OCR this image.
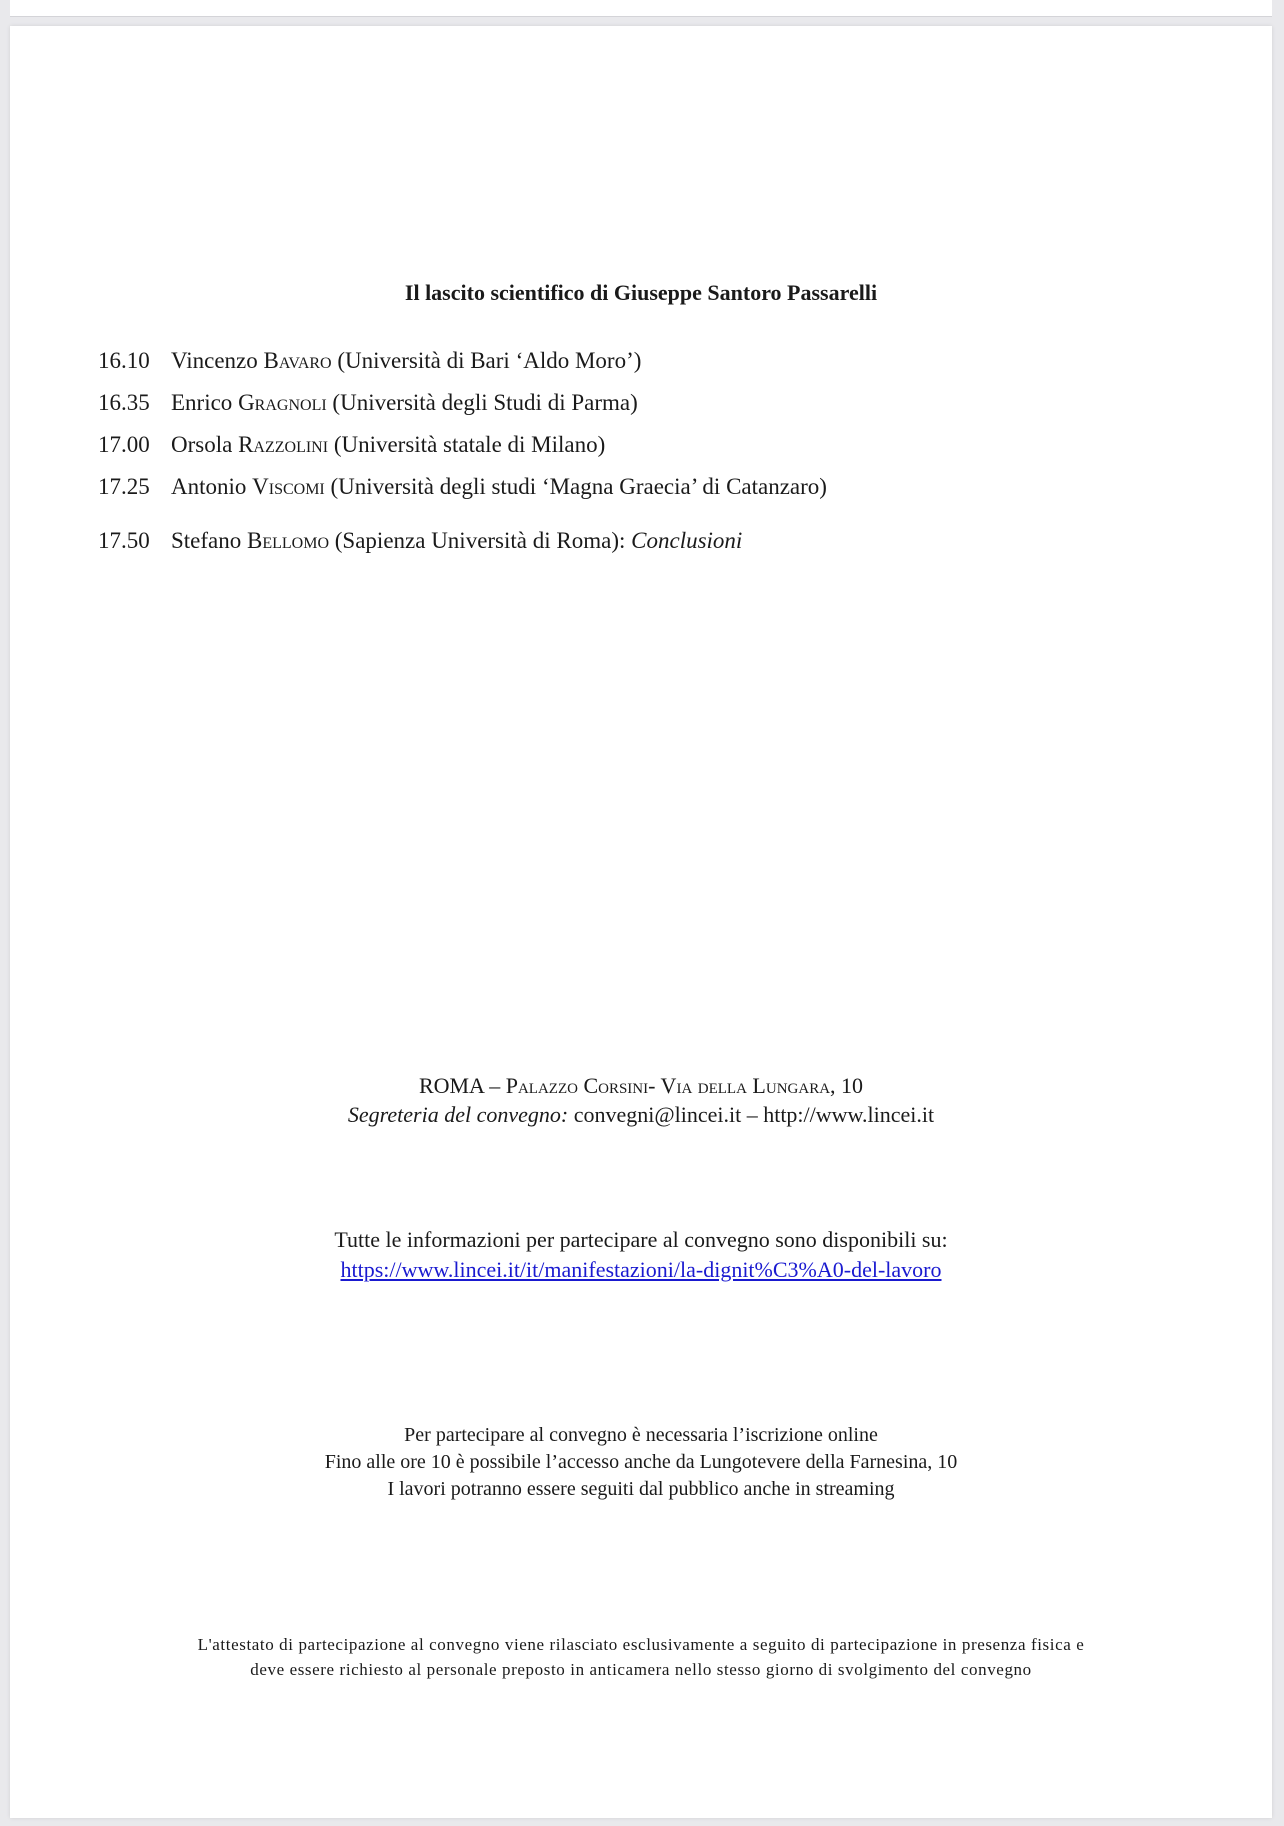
Il lascito scientifico di Giuseppe Santoro Passarelli
16.10 Vincenzo Bavaro (Università di Bari ‘Aldo Moro’)
16.35 Enrico Gragnoli (Università degli Studi di Parma)
17.00 Orsola Razzolini (Università statale di Milano)
17.25 Antonio Viscomi (Università degli studi ‘Magna Graecia’ di Catanzaro)
17.50 Stefano Bellomo (Sapienza Università di Roma): Conclusioni
ROMA – Palazzo Corsini- Via della Lungara, 10
Segreteria del convegno: convegni@lincei.it – http://www.lincei.it
Tutte le informazioni per partecipare al convegno sono disponibili su:
https://www.lincei.it/it/manifestazioni/la-dignit%C3%A0-del-lavoro
Per partecipare al convegno è necessaria l’iscrizione online
Fino alle ore 10 è possibile l’accesso anche da Lungotevere della Farnesina, 10
I lavori potranno essere seguiti dal pubblico anche in streaming
L'attestato di partecipazione al convegno viene rilasciato esclusivamente a seguito di partecipazione in presenza fisica e
deve essere richiesto al personale preposto in anticamera nello stesso giorno di svolgimento del convegno
